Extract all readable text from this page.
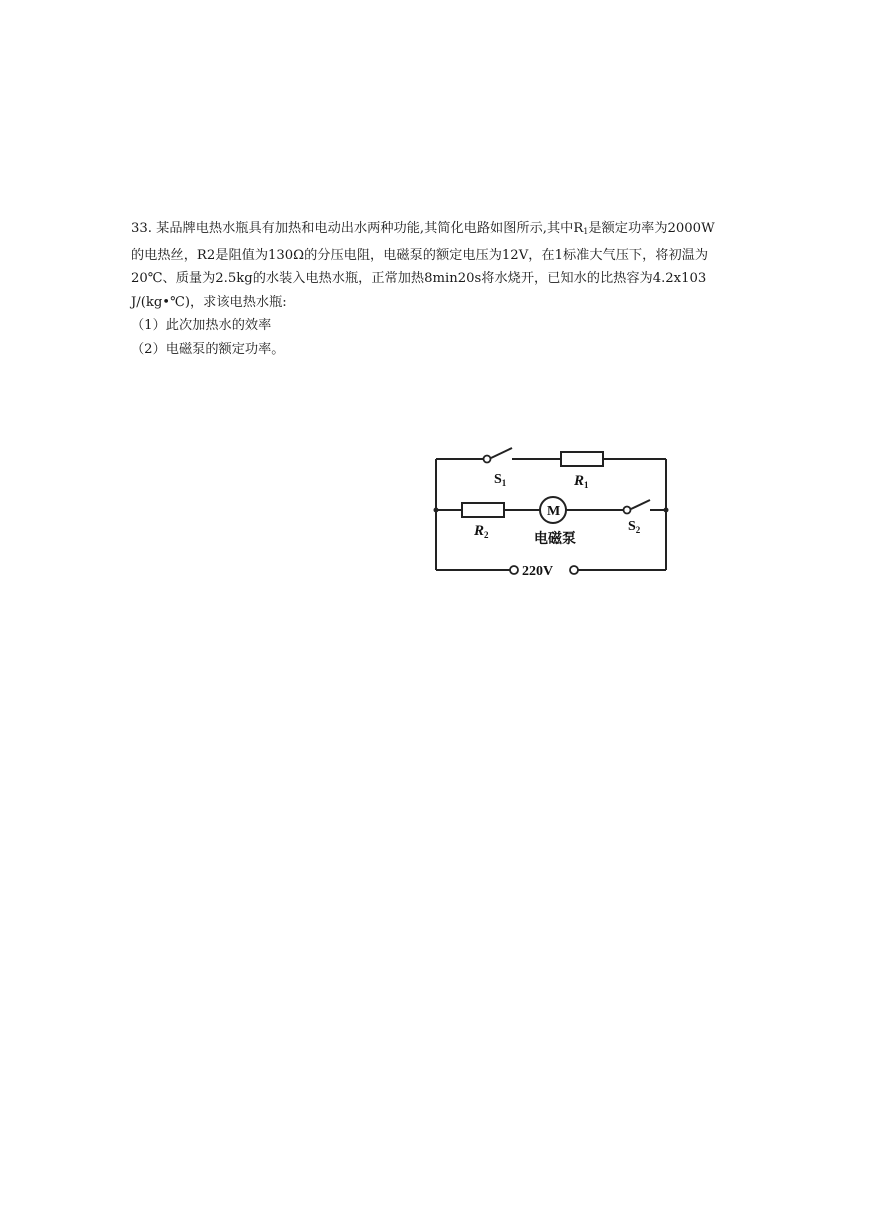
33. 某品牌电热水瓶具有加热和电动出水两种功能,其简化电路如图所示,其中$R_1$是额定功率为2000W
的电热丝，R2是阻值为130Ω的分压电阻，电磁泵的额定电压为12V，在1标准大气压下，将初温为
20℃、质量为2.5kg的水装入电热水瓶，正常加热8min20s将水烧开，已知水的比热容为4.2x103
J/(kg•℃)，求该电热水瓶:
（1）此次加热水的效率
（2）电磁泵的额定功率。

$S_1$	$R_1$
M
$R_2$
$S_2$
电磁泵
220V
